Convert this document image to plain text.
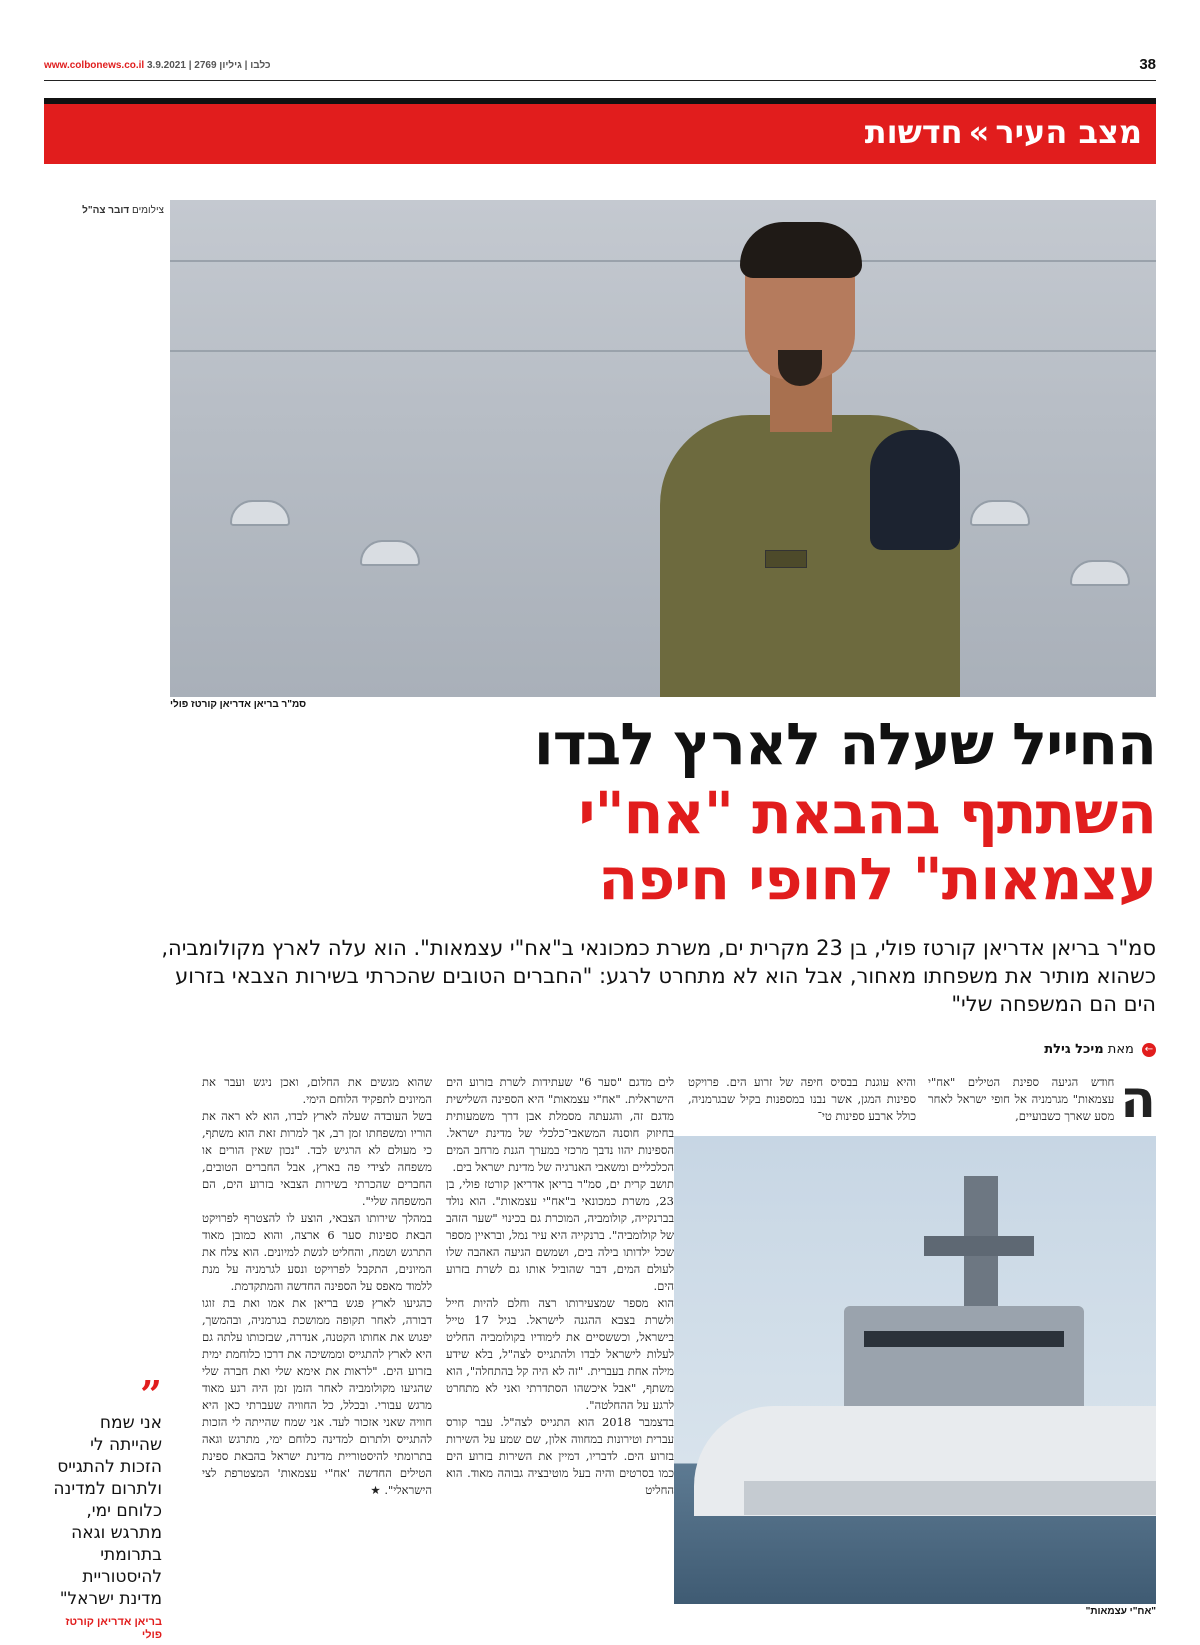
www.colbonews.co.il כלבו | גיליון 2769 | 3.9.2021	38
מצב העיר»חדשות
צילומים דובר צה"ל
סמ"ר בריאן אדריאן קורטז פולי
החייל שעלה לארץ לבדו
השתתף בהבאת "אח"י
עצמאות" לחופי חיפה

סמ"ר בריאן אדריאן קורטז פולי, בן 23 מקרית ים, משרת כמכונאי ב"אח"י עצמאות". הוא עלה לארץ מקולומביה, כשהוא מותיר את משפחתו מאחור, אבל הוא לא מתחרט לרגע: "החברים הטובים שהכרתי בשירות הצבאי בזרוע הים הם המשפחה שלי"

← מאת מיכל גילת
ה

חודש הגיעה ספינת הטילים "אח"י עצמאות" מגרמניה אל חופי ישראל לאחר מסע שארך כשבועיים,

והיא עוגנת בבסיס חיפה של זרוע הים. פרויקט ספינות המגן, אשר נבנו במספנות בקיל שבגרמניה, כולל ארבע ספינות טי־

לים מדגם "סער 6" שעתידות לשרת בזרוע הים הישראלית. "אח"י עצמאות" היא הספינה השלישית מדגם זה, והגעתה מסמלת אבן דרך משמעותית בחיזוק חוסנה המשאבי־כלכלי של מדינת ישראל. הספינות יהוו נדבך מרכזי במערך הגנת מרחב המים הכלכליים ומשאבי האנרגיה של מדינת ישראל בים.

תושב קרית ים, סמ"ר בריאן אדריאן קורטז פולי, בן 23, משרת כמכונאי ב"אח"י עצמאות". הוא נולד בברנקייה, קולומביה, המוכרת גם בכינוי "שער הזהב של קולומביה". ברנקייה היא עיר נמל, ובראיין מספר שכל ילדותו בילה בים, ושמשם הגיעה האהבה שלו לעולם המים, דבר שהוביל אותו גם לשרת בזרוע הים.

הוא מספר שמצעירותו רצה וחלם להיות חייל ולשרת בצבא ההגנה לישראל. בגיל 17 טייל בישראל, וכששסיים את לימודיו בקולומביה החליט לעלות לישראל לבדו ולהתגייס לצה"ל, בלא שידע מילה אחת בעברית. "זה לא היה קל בהתחלה", הוא משתף, "אבל איכשהו הסתדרתי ואני לא מתחרט לרגע על ההחלטה".

בדצמבר 2018 הוא התגייס לצה"ל. עבר קורס עברית וטירונות במחווה אלון, שם שמע על השירות בזרוע הים. לדבריו, דמיין את השירות בזרוע הים כמו בסרטים והיה בעל מוטיבציה גבוהה מאוד. הוא החליט

שהוא מגשים את החלום, ואכן ניגש ועבר את המיונים לתפקיד הלוחם הימי.

בשל העובדה שעלה לארץ לבדו, הוא לא ראה את הוריו ומשפחתו זמן רב, אך למרות זאת הוא משתף, כי מעולם לא הרגיש לבד. "נכון שאין הורים או משפחה לצידי פה בארץ, אבל החברים הטובים, החברים שהכרתי בשירות הצבאי בזרוע הים, הם המשפחה שלי".

במהלך שירותו הצבאי, הוצע לו להצטרף לפרויקט הבאת ספינות סער 6 ארצה, והוא כמובן מאוד התרגש ושמח, והחליט לגשת למיונים. הוא צלח את המיונים, התקבל לפרויקט ונסע לגרמניה על מנת ללמוד מאפס על הספינה החדשה והמתקדמת.

כהגיעו לארץ פגש בריאן את אמו ואת בת זוגו דבורה, לאחר תקופה ממושכת בגרמניה, ובהמשך, יפגוש את אחותו הקטנה, אנדרה, שבזכותו עלתה גם היא לארץ להתגייס וממשיכה את דרכו כלוחמת ימית בזרוע הים. "לראות את אימא שלי ואת חברה שלי שהגיעו מקולומביה לאחר הזמן זמן היה רגע מאוד מרגש עבורי. ובכלל, כל החוויה שעברתי כאן היא חוויה שאני אזכור לעד. אני שמח שהייתה לי הזכות להתגייס ולתרום למדינה כלוחם ימי, מתרגש וגאה בתרומתי להיסטוריית מדינת ישראל בהבאת ספינת הטילים החדשה 'אח"י עצמאות' המצטרפת לצי הישראלי". ★

"אח"י עצמאות"
”
אני שמח שהייתה לי הזכות להתגייס ולתרום למדינה כלוחם ימי, מתרגש וגאה בתרומתי להיסטוריית מדינת ישראל"
בריאן אדריאן קורטז פולי
